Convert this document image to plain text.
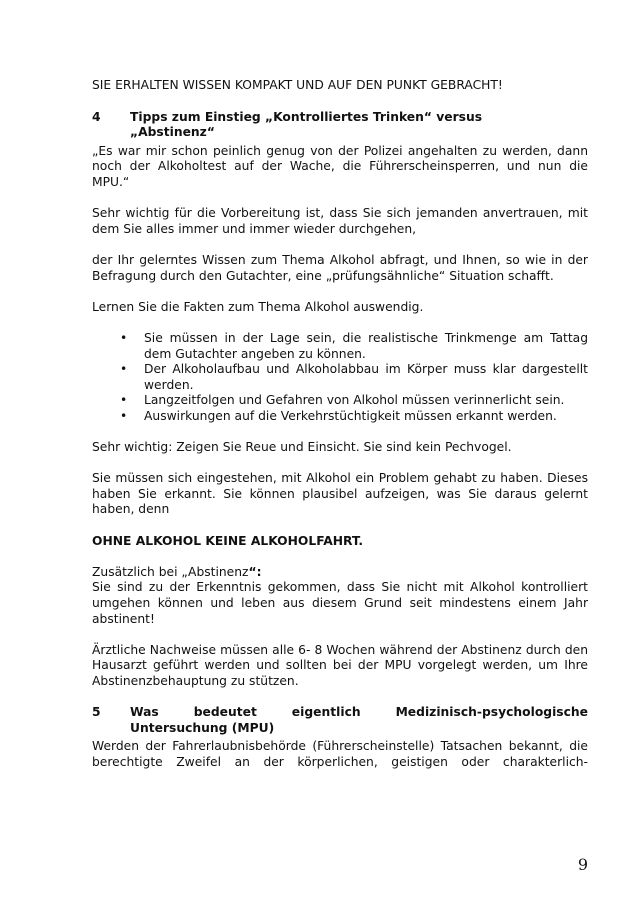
SIE ERHALTEN WISSEN KOMPAKT UND AUF DEN PUNKT GEBRACHT!

4	Tipps zum Einstieg „Kontrolliertes Trinken“ versus
„Abstinenz“

„Es war mir schon peinlich genug von der Polizei angehalten zu werden, dann noch der Alkoholtest auf der Wache, die Führerscheinsperren, und nun die MPU.“

Sehr wichtig für die Vorbereitung ist, dass Sie sich jemanden anvertrauen, mit dem Sie alles immer und immer wieder durchgehen,

der Ihr gelerntes Wissen zum Thema Alkohol abfragt, und Ihnen, so wie in der Befragung durch den Gutachter, eine „prüfungsähnliche“ Situation schafft.

Lernen Sie die Fakten zum Thema Alkohol auswendig.

•	Sie müssen in der Lage sein, die realistische Trinkmenge am Tattag dem Gutachter angeben zu können.
•	Der Alkoholaufbau und Alkoholabbau im Körper muss klar dargestellt werden.
•	Langzeitfolgen und Gefahren von Alkohol müssen verinnerlicht sein.
•	Auswirkungen auf die Verkehrstüchtigkeit müssen erkannt werden.

Sehr wichtig: Zeigen Sie Reue und Einsicht. Sie sind kein Pechvogel.

Sie müssen sich eingestehen, mit Alkohol ein Problem gehabt zu haben. Dieses haben Sie erkannt. Sie können plausibel aufzeigen, was Sie daraus gelernt haben, denn

OHNE ALKOHOL KEINE ALKOHOLFAHRT.
Zusätzlich bei „Abstinenz“:

Sie sind zu der Erkenntnis gekommen, dass Sie nicht mit Alkohol kontrolliert umgehen können und leben aus diesem Grund seit mindestens einem Jahr abstinent!

Ärztliche Nachweise müssen alle 6- 8 Wochen während der Abstinenz durch den Hausarzt geführt werden und sollten bei der MPU vorgelegt werden, um Ihre Abstinenzbehauptung zu stützen.

5	Was bedeutet eigentlich Medizinisch-psychologische
Untersuchung (MPU)

Werden der Fahrerlaubnisbehörde (Führerscheinstelle) Tatsachen bekannt, die berechtigte Zweifel an der körperlichen, geistigen oder charakterlich-

9
